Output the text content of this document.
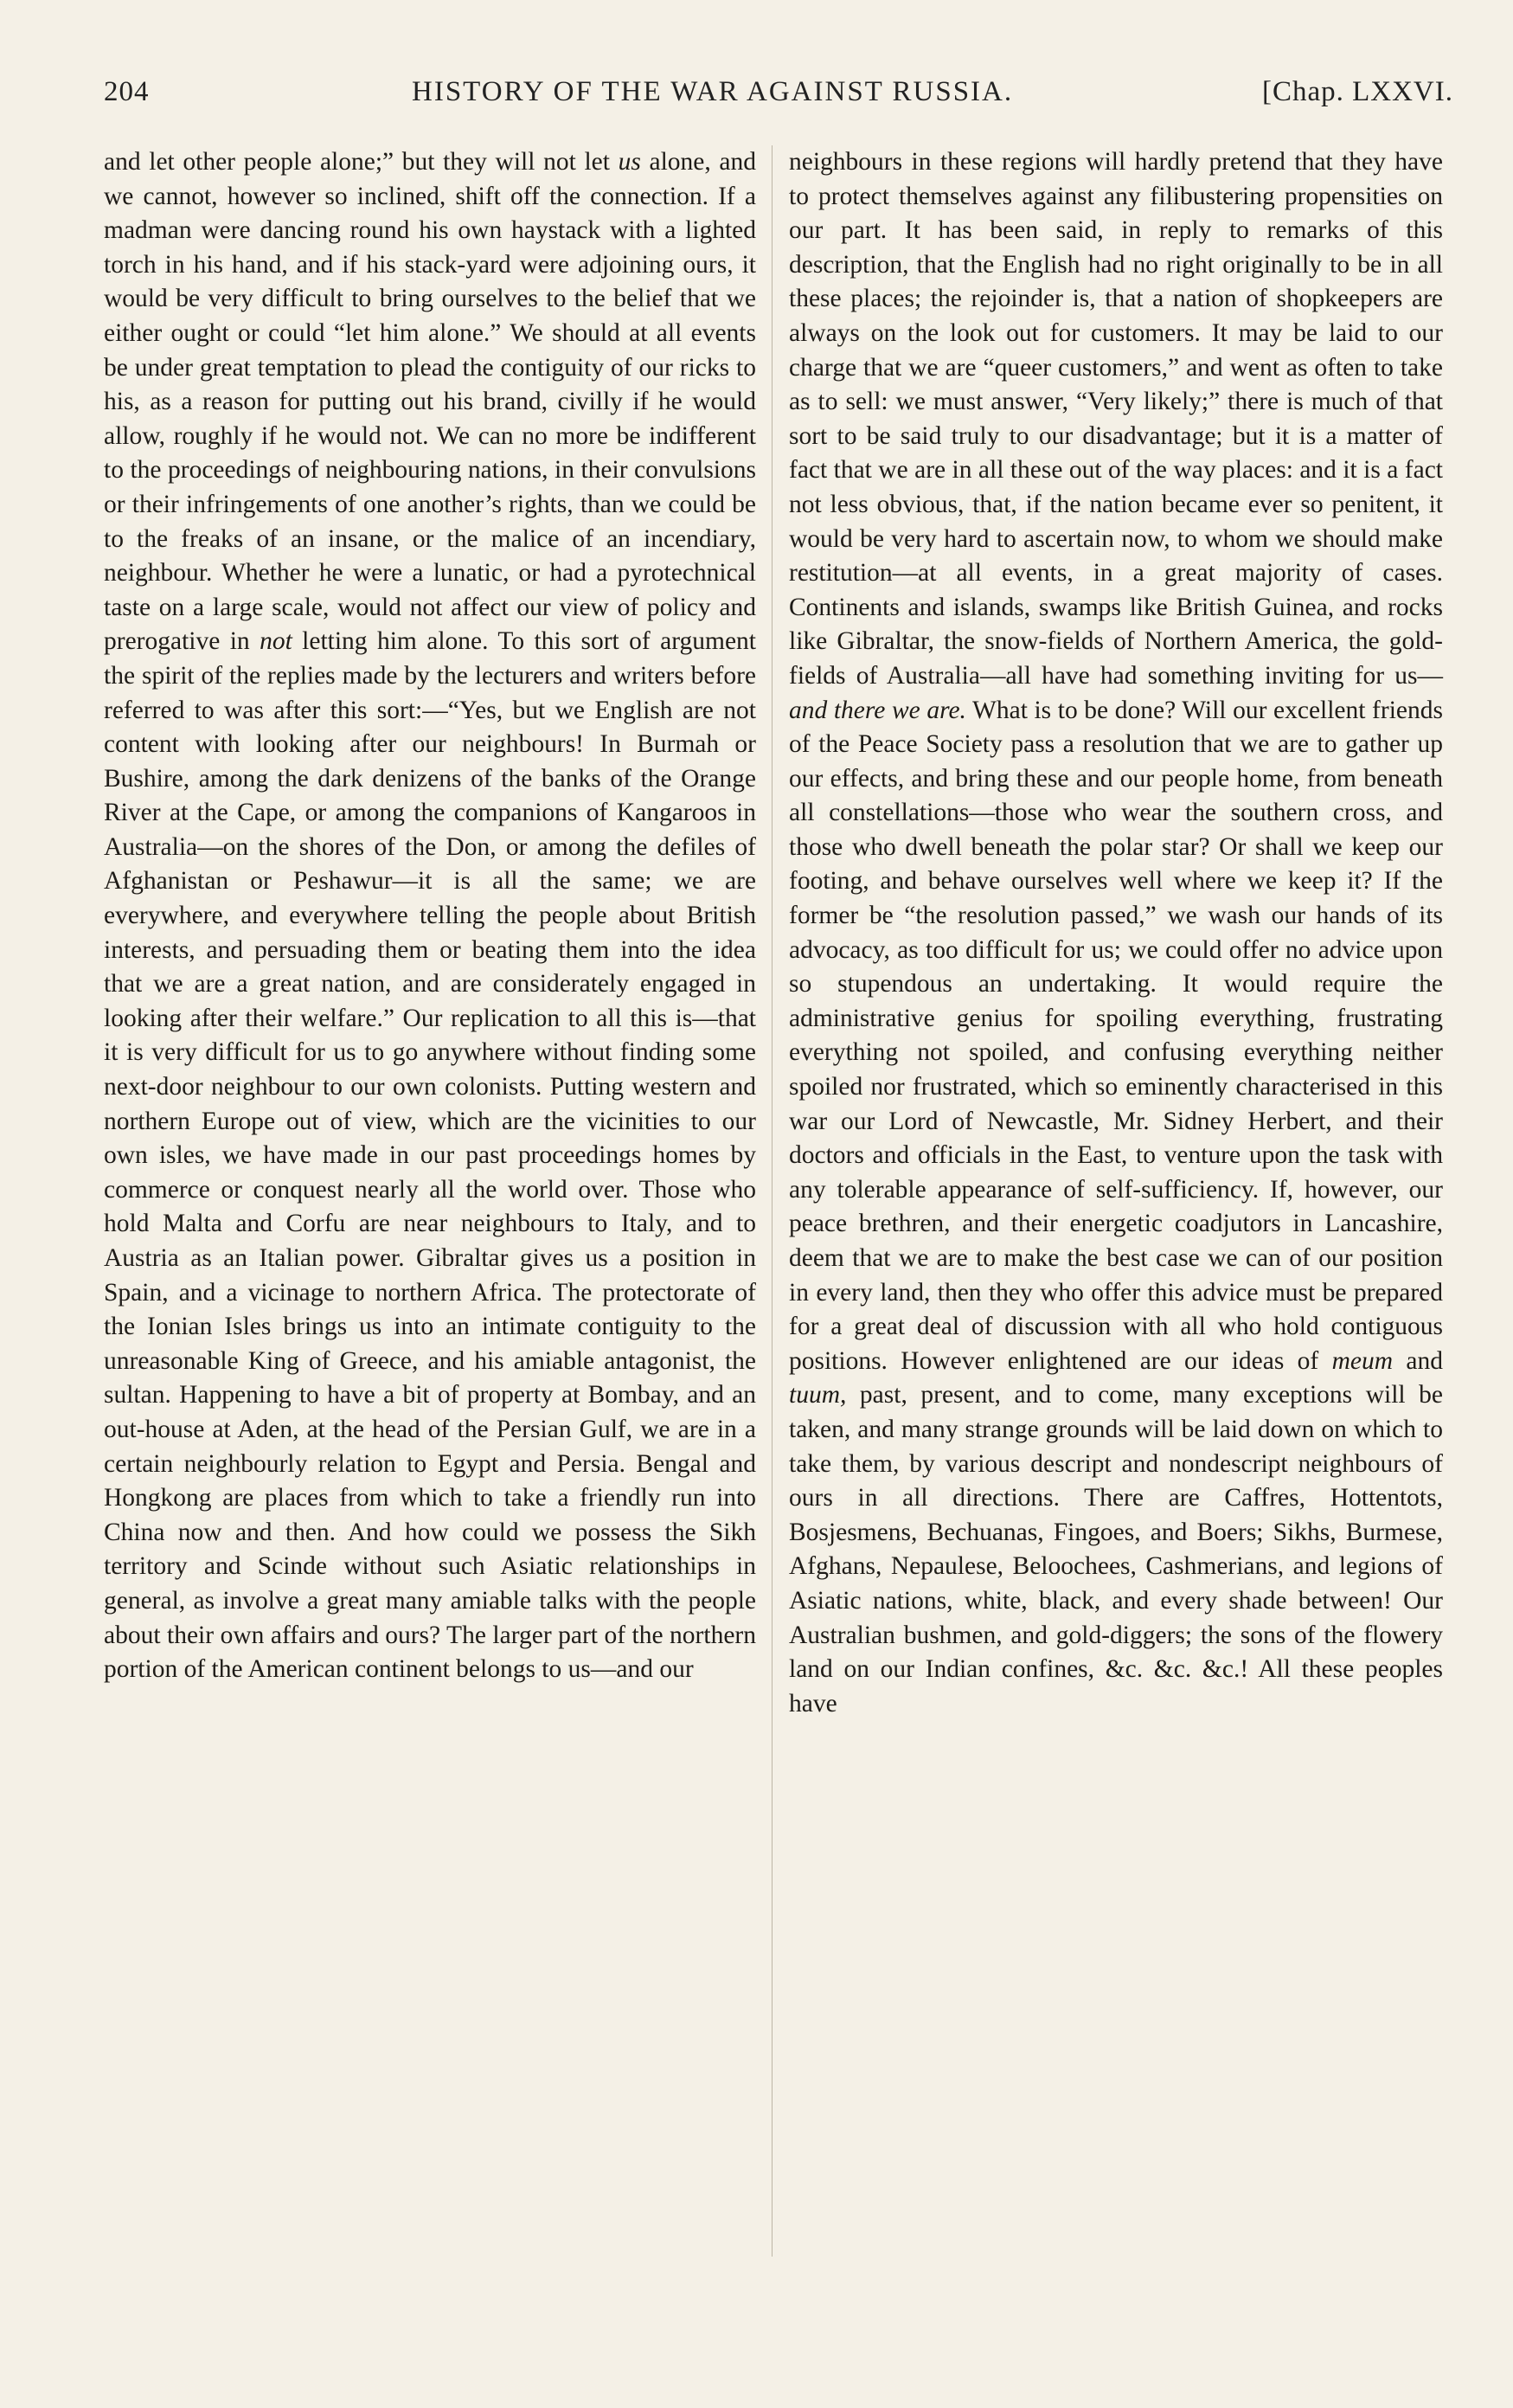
204	HISTORY OF THE WAR AGAINST RUSSIA.	[Chap. LXXVI.

and let other people alone;” but they will not let us alone, and we cannot, however so inclined, shift off the connection. If a madman were dancing round his own haystack with a lighted torch in his hand, and if his stack-yard were adjoining ours, it would be very difficult to bring ourselves to the belief that we either ought or could “let him alone.” We should at all events be under great temptation to plead the contiguity of our ricks to his, as a reason for putting out his brand, civilly if he would allow, roughly if he would not. We can no more be indifferent to the proceedings of neighbouring nations, in their convulsions or their infringements of one another’s rights, than we could be to the freaks of an insane, or the malice of an incendiary, neighbour. Whether he were a lunatic, or had a pyrotechnical taste on a large scale, would not affect our view of policy and prerogative in not letting him alone. To this sort of argument the spirit of the replies made by the lecturers and writers before referred to was after this sort:—“Yes, but we English are not content with looking after our neighbours! In Burmah or Bushire, among the dark denizens of the banks of the Orange River at the Cape, or among the companions of Kangaroos in Australia—on the shores of the Don, or among the defiles of Afghanistan or Peshawur—it is all the same; we are everywhere, and everywhere telling the people about British interests, and persuading them or beating them into the idea that we are a great nation, and are considerately engaged in looking after their welfare.” Our replication to all this is—that it is very difficult for us to go anywhere without finding some next-door neighbour to our own colonists. Putting western and northern Europe out of view, which are the vicinities to our own isles, we have made in our past proceedings homes by commerce or conquest nearly all the world over. Those who hold Malta and Corfu are near neighbours to Italy, and to Austria as an Italian power. Gibraltar gives us a position in Spain, and a vicinage to northern Africa. The protectorate of the Ionian Isles brings us into an intimate contiguity to the unreasonable King of Greece, and his amiable antagonist, the sultan. Happening to have a bit of property at Bombay, and an out-house at Aden, at the head of the Persian Gulf, we are in a certain neighbourly relation to Egypt and Persia. Bengal and Hongkong are places from which to take a friendly run into China now and then. And how could we possess the Sikh territory and Scinde without such Asiatic relationships in general, as involve a great many amiable talks with the people about their own affairs and ours? The larger part of the northern portion of the American continent belongs to us—and our

neighbours in these regions will hardly pretend that they have to protect themselves against any filibustering propensities on our part. It has been said, in reply to remarks of this description, that the English had no right originally to be in all these places; the rejoinder is, that a nation of shopkeepers are always on the look out for customers. It may be laid to our charge that we are “queer customers,” and went as often to take as to sell: we must answer, “Very likely;” there is much of that sort to be said truly to our disadvantage; but it is a matter of fact that we are in all these out of the way places: and it is a fact not less obvious, that, if the nation became ever so penitent, it would be very hard to ascertain now, to whom we should make restitution—at all events, in a great majority of cases. Continents and islands, swamps like British Guinea, and rocks like Gibraltar, the snow-fields of Northern America, the gold-fields of Australia—all have had something inviting for us—and there we are. What is to be done? Will our excellent friends of the Peace Society pass a resolution that we are to gather up our effects, and bring these and our people home, from beneath all constellations—those who wear the southern cross, and those who dwell beneath the polar star? Or shall we keep our footing, and behave ourselves well where we keep it? If the former be “the resolution passed,” we wash our hands of its advocacy, as too difficult for us; we could offer no advice upon so stupendous an undertaking. It would require the administrative genius for spoiling everything, frustrating everything not spoiled, and confusing everything neither spoiled nor frustrated, which so eminently characterised in this war our Lord of Newcastle, Mr. Sidney Herbert, and their doctors and officials in the East, to venture upon the task with any tolerable appearance of self-sufficiency. If, however, our peace brethren, and their energetic coadjutors in Lancashire, deem that we are to make the best case we can of our position in every land, then they who offer this advice must be prepared for a great deal of discussion with all who hold contiguous positions. However enlightened are our ideas of meum and tuum, past, present, and to come, many exceptions will be taken, and many strange grounds will be laid down on which to take them, by various descript and nondescript neighbours of ours in all directions. There are Caffres, Hottentots, Bosjesmens, Bechuanas, Fingoes, and Boers; Sikhs, Burmese, Afghans, Nepaulese, Beloochees, Cashmerians, and legions of Asiatic nations, white, black, and every shade between! Our Australian bushmen, and gold-diggers; the sons of the flowery land on our Indian confines, &c. &c. &c.! All these peoples have
